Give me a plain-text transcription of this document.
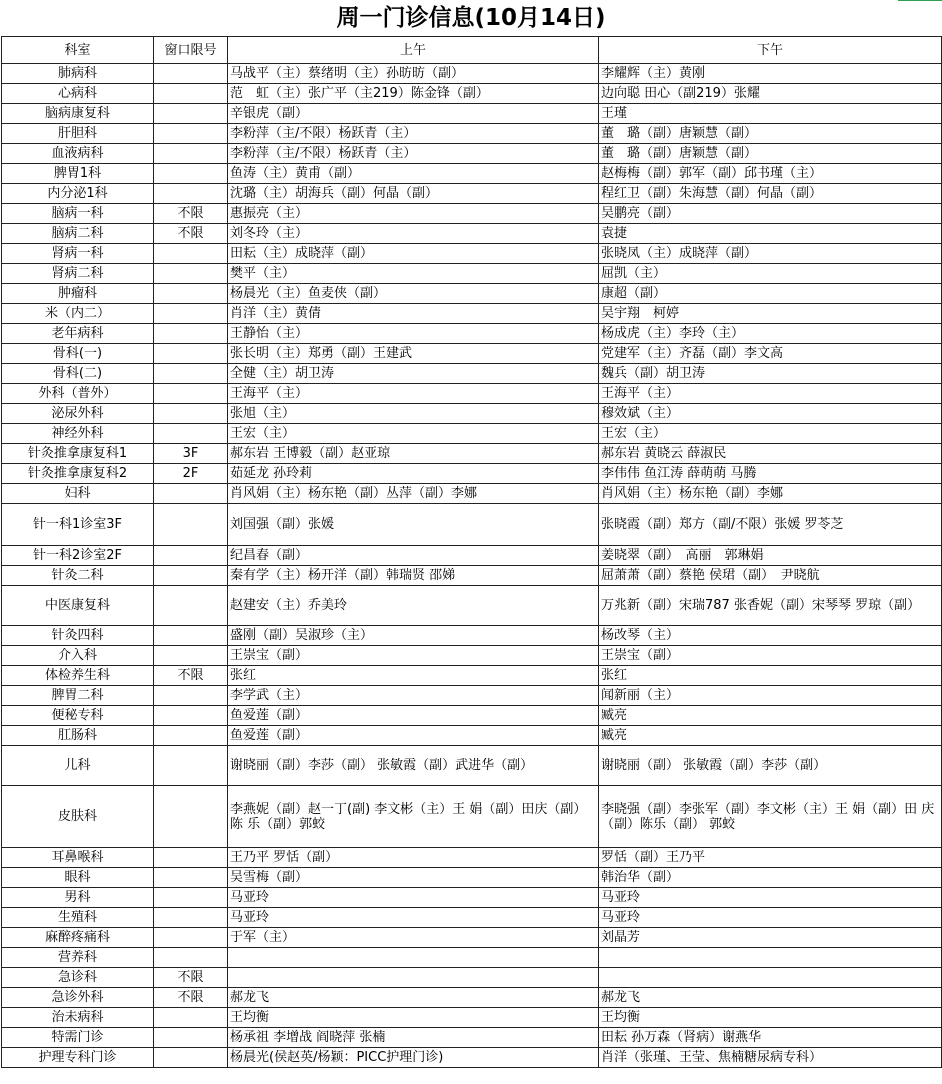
周一门诊信息(10月14日)
科室	窗口限号	上午	下午
肺病科		马战平（主）蔡绪明（主）孙昉昉（副）	李耀辉（主）黄刚
心病科		范　虹（主）张广平（主219）陈金锋（副）	边向聪 田心（副219）张耀
脑病康复科		辛银虎（副）	王瑾
肝胆科		李粉萍（主/不限）杨跃青（主）	董　璐（副）唐颖慧（副）
血液病科		李粉萍（主/不限）杨跃青（主）	董　璐（副）唐颖慧（副）
脾胃1科		鱼涛（主）黄甫（副）	赵梅梅（副）郭军（副）邱书瑾（主）
内分泌1科		沈璐（主）胡海兵（副）何晶（副）	程红卫（副）朱海慧（副）何晶（副）
脑病一科	不限	惠振亮（主）	吴鹏亮（副）
脑病二科	不限	刘冬玲（主）	袁捷
肾病一科		田耘（主）成晓萍（副）	张晓凤（主）成晓萍（副）
肾病二科		樊平（主）	屈凯（主）
肿瘤科		杨晨光（主）鱼麦侠（副）	康超（副）
米（内二）		肖洋（主）黄倩	吴宇翔　柯婷
老年病科		王静怡（主）	杨成虎（主）李玲（主）
骨科(一)		张长明（主）郑勇（副）王建武	党建军（主）齐磊（副）李文高
骨科(二)		全健（主）胡卫涛	魏兵（副）胡卫涛
外科（普外）		王海平（主）	王海平（主）
泌尿外科		张旭（主）	穆效斌（主）
神经外科		王宏（主）	王宏（主）
针灸推拿康复科1	3F	郝东岩 王博毅（副）赵亚琼	郝东岩 黄晓云 薛淑民
针灸推拿康复科2	2F	茹延龙 孙玲莉	李伟伟 鱼江涛 薛萌萌 马腾
妇科		肖风娟（主）杨东艳（副）丛萍（副）李娜	肖风娟（主）杨东艳（副）李娜
针一科1诊室3F		刘国强（副）张媛	张晓霞（副）郑方（副/不限）张媛 罗苓芝
针一科2诊室2F		纪昌春（副）	姜晓翠（副）　高丽　郭琳娟
针灸二科		秦有学（主）杨开洋（副）韩瑞贤 邵娣	屈萧萧（副）蔡艳 侯珺（副）　尹晓航
中医康复科		赵建安（主）乔美玲	万兆新（副）宋瑞787 张香妮（副）宋琴琴 罗琼（副）
针灸四科		盛刚（副）吴淑珍（主）	杨改琴（主）
介入科		王崇宝（副）	王崇宝（副）
体检养生科	不限	张红	张红
脾胃二科		李学武（主）	闻新丽（主）
便秘专科		鱼爱莲（副）	臧亮
肛肠科		鱼爱莲（副）	臧亮
儿科		谢晓丽（副）李莎（副） 张敏霞（副）武进华（副）	谢晓丽（副） 张敏霞（副）李莎（副）
皮肤科		李燕妮（副）赵一丁(副) 李文彬（主）王 娟（副）田庆（副）陈 乐（副）郭蛟	李晓强（副）李张军（副）李文彬（主）王 娟（副）田 庆（副）陈乐（副） 郭蛟
耳鼻喉科		王乃平 罗恬（副）	罗恬（副）王乃平
眼科		吴雪梅（副）	韩治华（副）
男科		马亚玲	马亚玲
生殖科		马亚玲	马亚玲
麻醉疼痛科		于军（主）	刘晶芳
营养科			
急诊科	不限		
急诊外科	不限	郝龙飞	郝龙飞
治未病科		王均衡	王均衡
特需门诊		杨承祖 李增战 阎晓萍 张楠	田耘 孙万森（肾病）谢燕华
护理专科门诊		杨晨光(侯赵英/杨颖：PICC护理门诊)	肖洋（张瑾、王莹、焦楠糖尿病专科）
